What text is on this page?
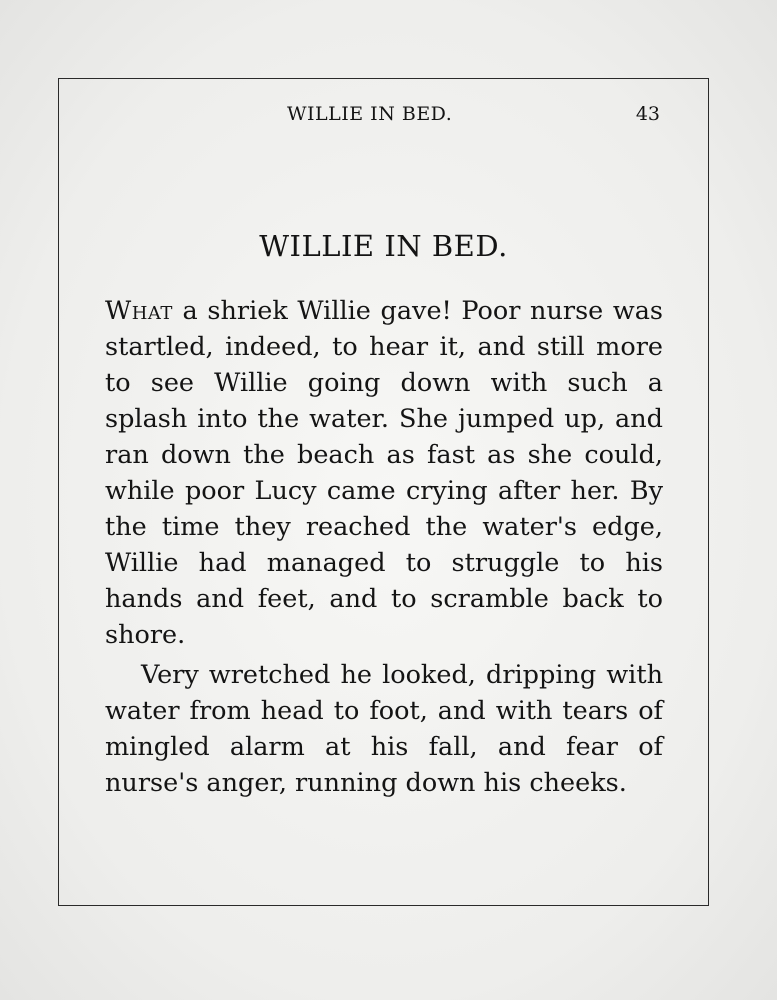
WILLIE IN BED.	43
WILLIE IN BED.

What a shriek Willie gave! Poor nurse was startled, indeed, to hear it, and still more to see Willie going down with such a splash into the water. She jumped up, and ran down the beach as fast as she could, while poor Lucy came crying after her. By the time they reached the water's edge, Willie had managed to struggle to his hands and feet, and to scramble back to shore.

Very wretched he looked, dripping with water from head to foot, and with tears of mingled alarm at his fall, and fear of nurse's anger, running down his cheeks.
